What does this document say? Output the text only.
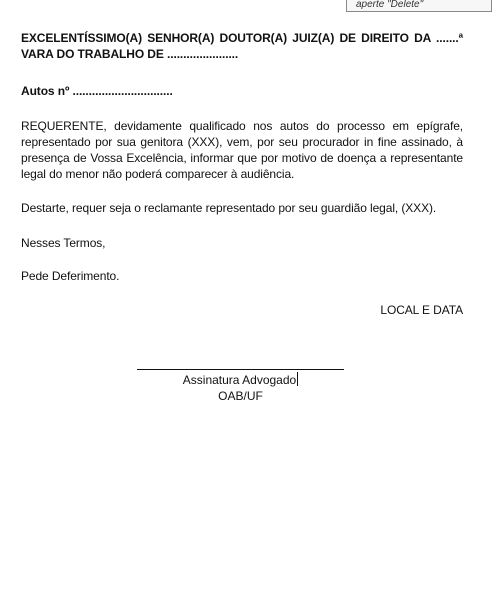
aperte "Delete"
EXCELENTÍSSIMO(A) SENHOR(A) DOUTOR(A) JUIZ(A) DE DIREITO DA .......ª VARA DO TRABALHO DE ......................
Autos nº ...............................
REQUERENTE, devidamente qualificado nos autos do processo em epígrafe, representado por sua genitora (XXX), vem, por seu procurador in fine assinado, à presença de Vossa Excelência, informar que por motivo de doença a representante legal do menor não poderá comparecer à audiência.
Destarte, requer seja o reclamante representado por seu guardião legal, (XXX).
Nesses Termos,
Pede Deferimento.
LOCAL E DATA
Assinatura Advogado
OAB/UF
